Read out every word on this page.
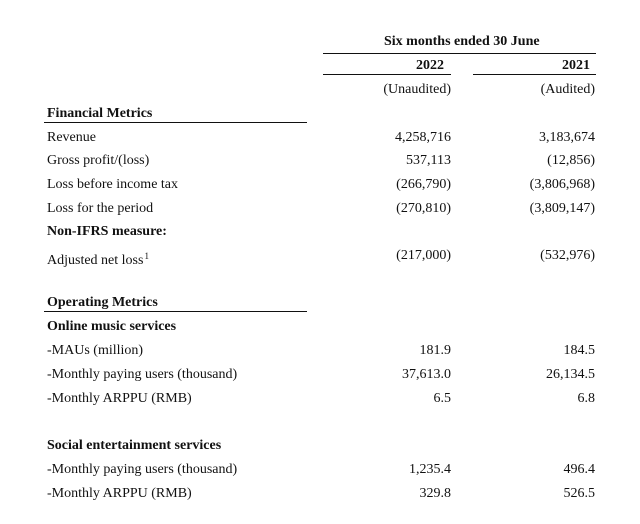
Six months ended 30 June
2022	2021
(Unaudited)	(Audited)
Financial Metrics
Revenue	4,258,716	3,183,674
Gross profit/(loss)	537,113	(12,856)
Loss before income tax	(266,790)	(3,806,968)
Loss for the period	(270,810)	(3,809,147)
Non-IFRS measure:
Adjusted net loss$^1$	(217,000)	(532,976)
Operating Metrics
Online music services
-MAUs (million)	181.9	184.5
-Monthly paying users (thousand)	37,613.0	26,134.5
-Monthly ARPPU (RMB)	6.5	6.8
Social entertainment services
-Monthly paying users (thousand)	1,235.4	496.4
-Monthly ARPPU (RMB)	329.8	526.5
